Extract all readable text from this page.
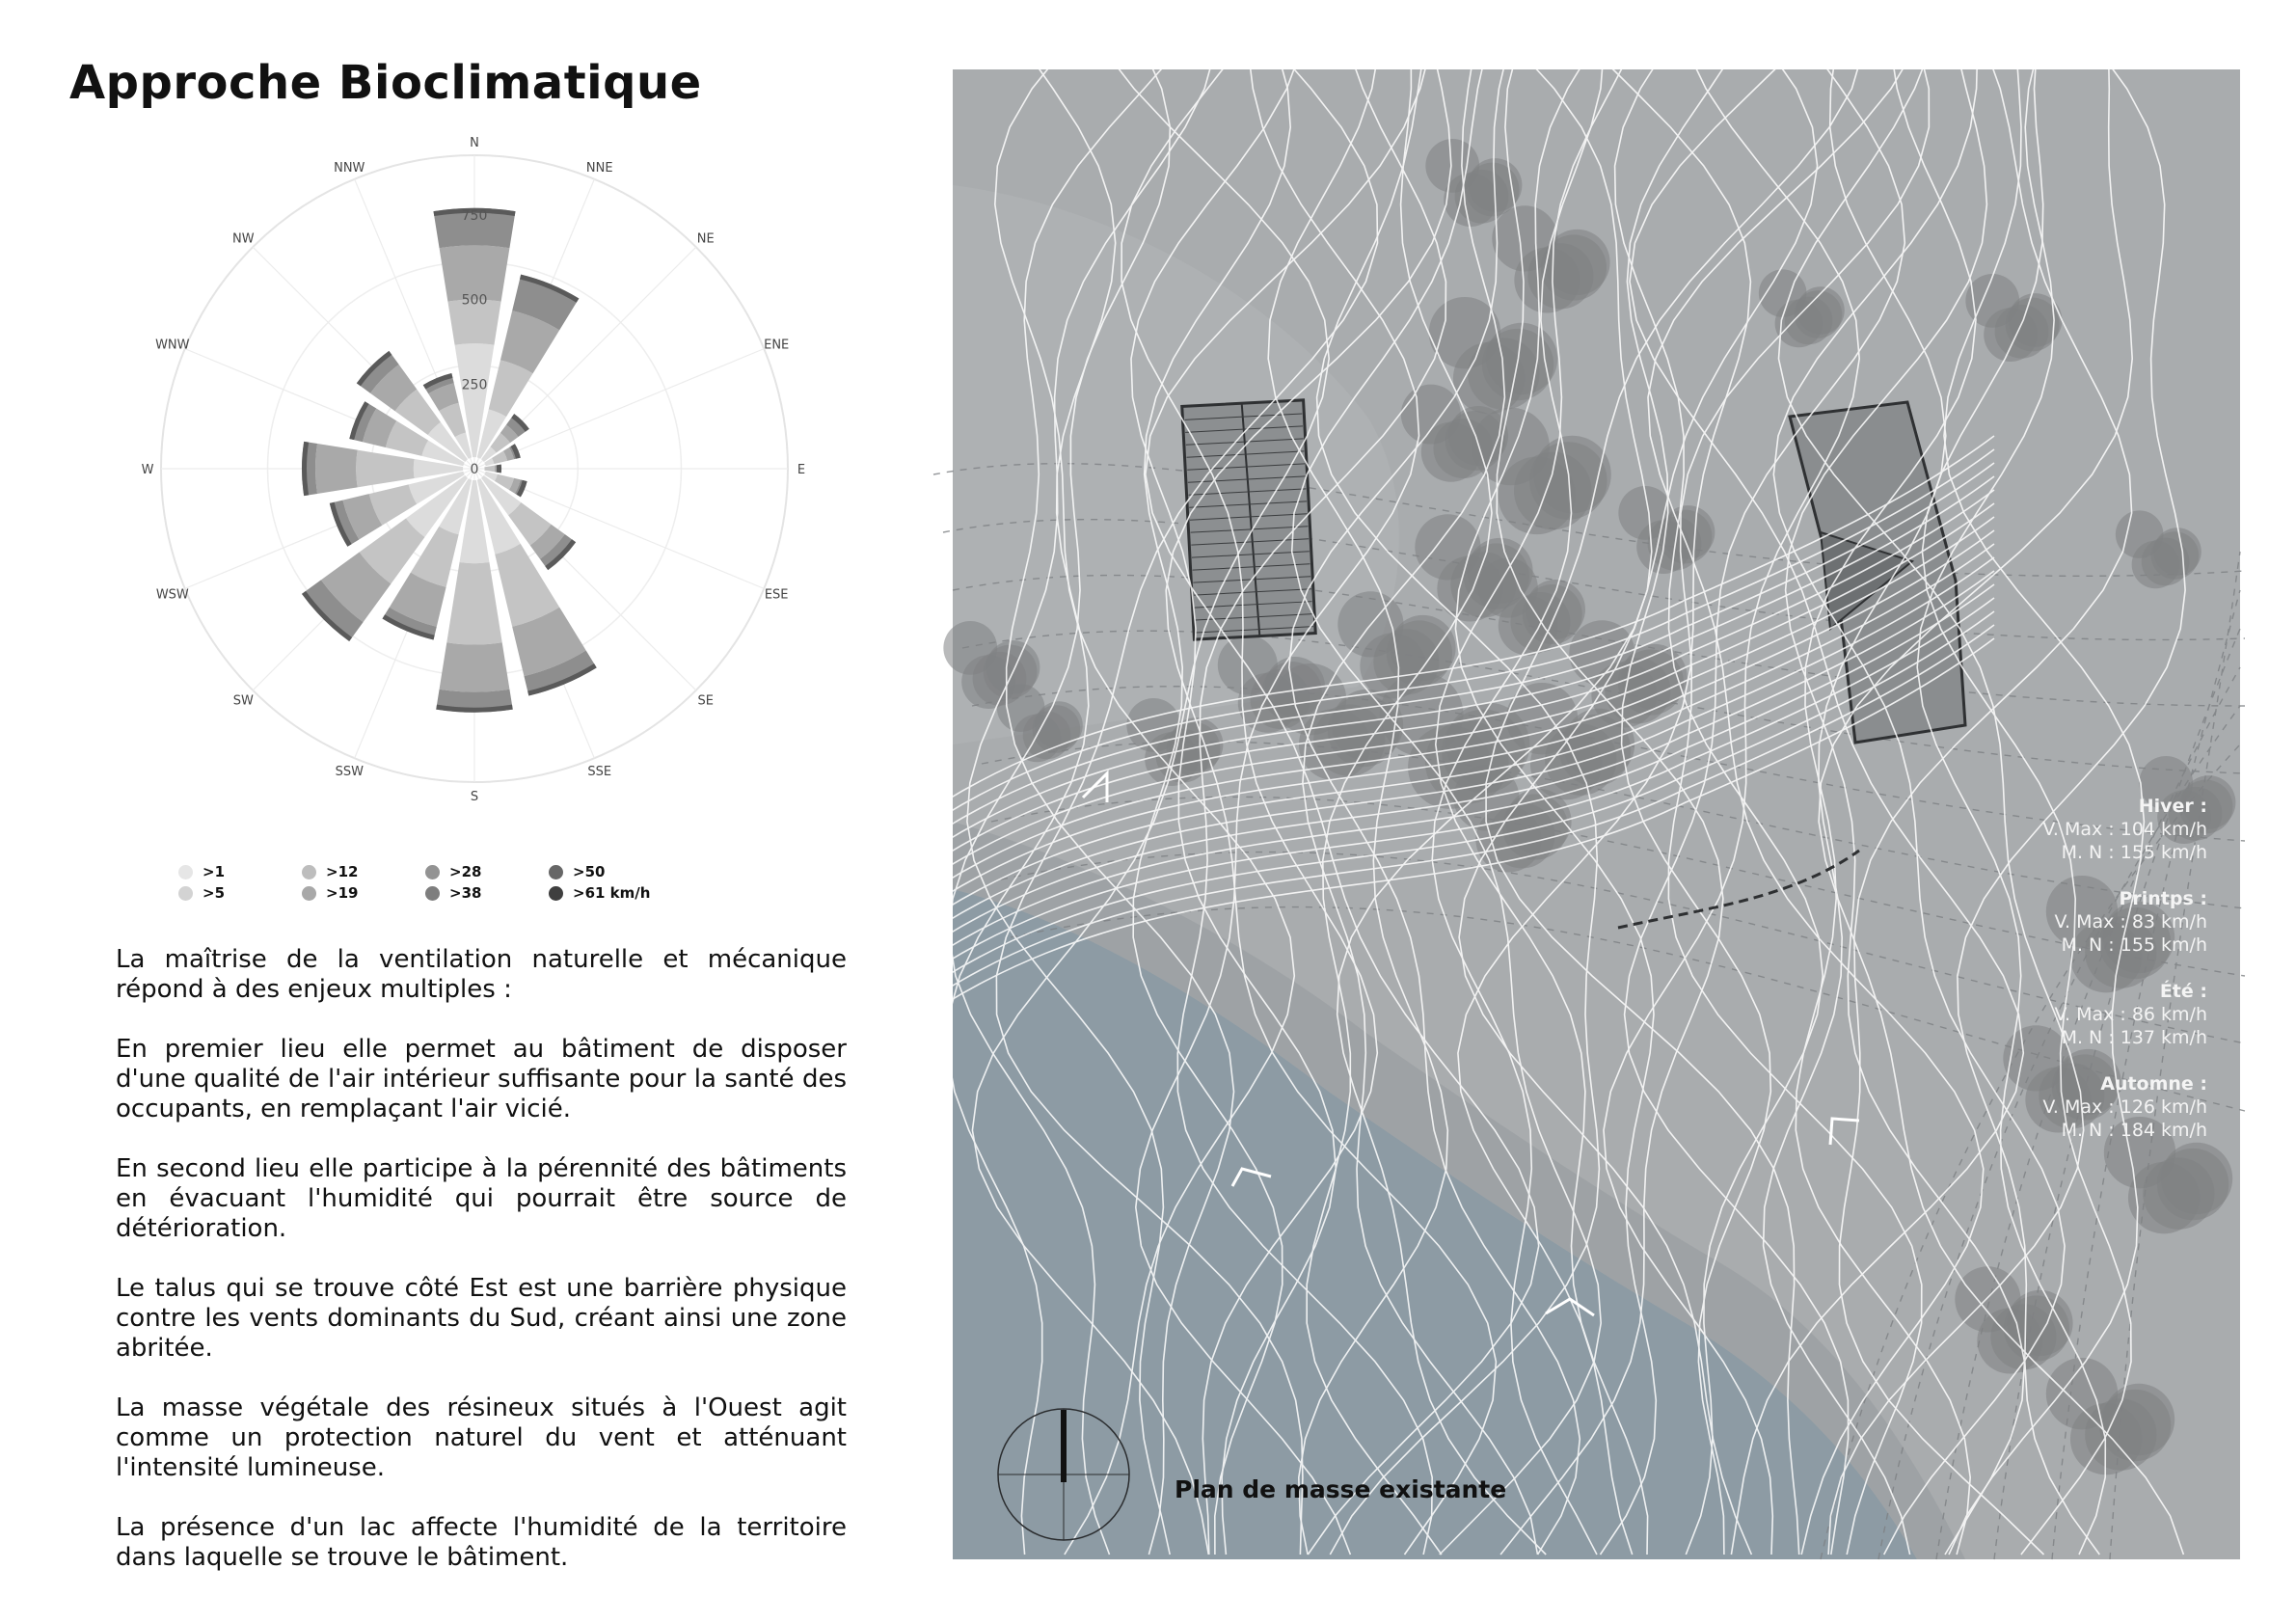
Approche Bioclimatique
0
250
500
750
N
NNE
NE
ENE
E
ESE
SE
SSE
S
SSW
SW
WSW
W
WNW
NW
NNW
>1	>12	>28	>50
>5	>19	>38	>61 km/h

La maîtrise de la ventilation naturelle et mécanique répond à des enjeux multiples :

En premier lieu elle permet au bâtiment de disposer d'une qualité de l'air intérieur suffisante pour la santé des occupants, en remplaçant l'air vicié.

En second lieu elle participe à la pérennité des bâtiments en évacuant l'humidité qui pourrait être source de détérioration.

Le talus qui se trouve côté Est est une barrière physique contre les vents dominants du Sud, créant ainsi une zone abritée.

La masse végétale des résineux situés à l'Ouest agit comme un protection naturel du vent et atténuant l'intensité lumineuse.

La présence d'un lac affecte l'humidité de la territoire dans laquelle se trouve le bâtiment.

Hiver :
V. Max : 104 km/h
M. N : 155 km/h
Printps :
V. Max : 83 km/h
M. N : 155 km/h
Été :
V. Max : 86 km/h
M. N : 137 km/h
Automne :
V. Max : 126 km/h
M. N : 184 km/h

Plan de masse existante
